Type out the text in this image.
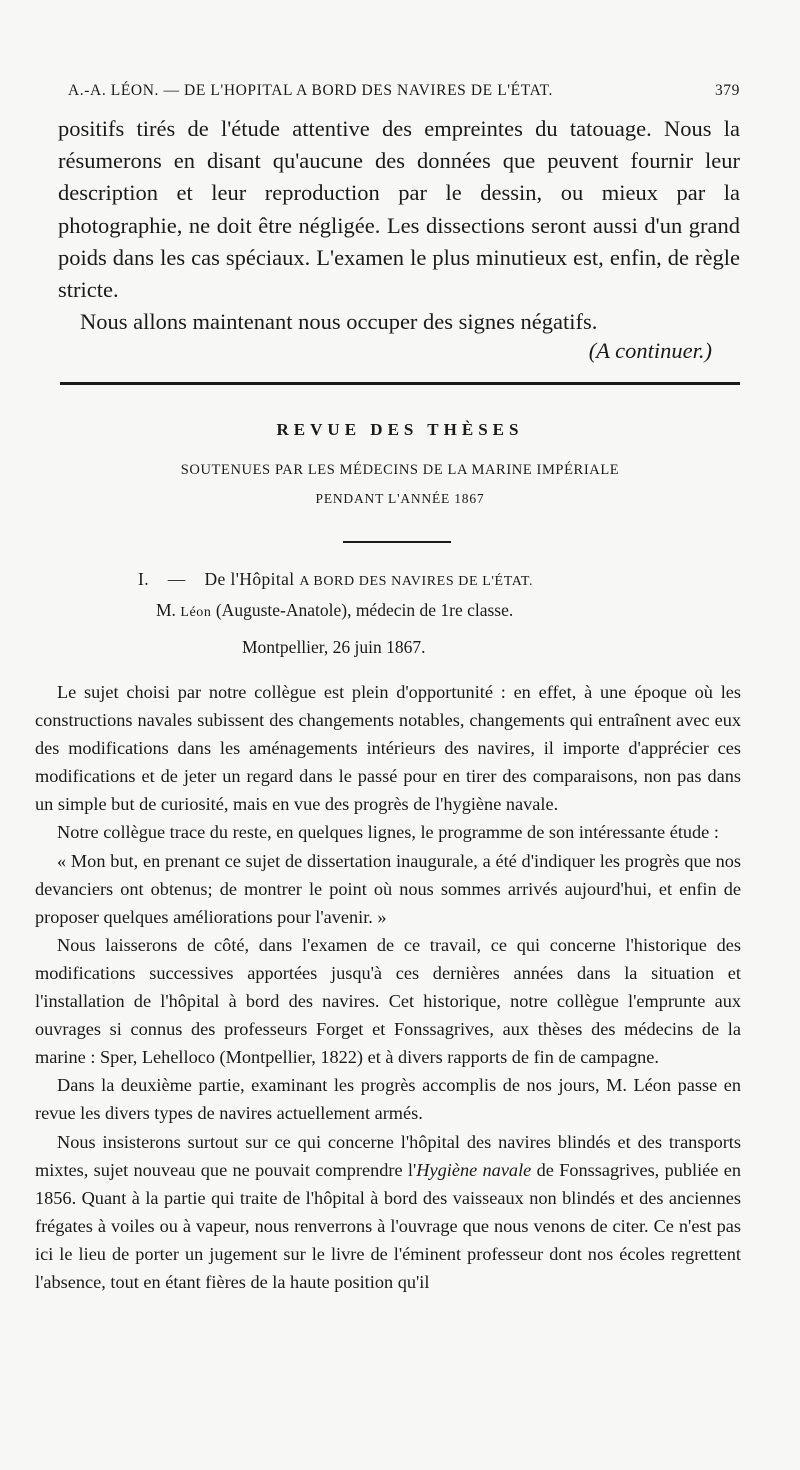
A.-A. LÉON. — DE L'HOPITAL A BORD DES NAVIRES DE L'ÉTAT.	379

positifs tirés de l'étude attentive des empreintes du tatouage. Nous la résumerons en disant qu'aucune des données que peuvent fournir leur description et leur reproduction par le dessin, ou mieux par la photographie, ne doit être négligée. Les dissections seront aussi d'un grand poids dans les cas spéciaux. L'examen le plus minutieux est, enfin, de règle stricte.

Nous allons maintenant nous occuper des signes négatifs.

(A continuer.)
REVUE DES THÈSES
SOUTENUES PAR LES MÉDECINS DE LA MARINE IMPÉRIALE
PENDANT L'ANNÉE 1867
I. — De l'Hôpital A BORD DES NAVIRES DE L'ÉTAT.
M. Léon (Auguste-Anatole), médecin de 1re classe.
Montpellier, 26 juin 1867.

Le sujet choisi par notre collègue est plein d'opportunité : en effet, à une époque où les constructions navales subissent des changements notables, changements qui entraînent avec eux des modifications dans les aménagements intérieurs des navires, il importe d'apprécier ces modifications et de jeter un regard dans le passé pour en tirer des comparaisons, non pas dans un simple but de curiosité, mais en vue des progrès de l'hygiène navale.

Notre collègue trace du reste, en quelques lignes, le programme de son intéressante étude :

« Mon but, en prenant ce sujet de dissertation inaugurale, a été d'indiquer les progrès que nos devanciers ont obtenus; de montrer le point où nous sommes arrivés aujourd'hui, et enfin de proposer quelques améliorations pour l'avenir. »

Nous laisserons de côté, dans l'examen de ce travail, ce qui concerne l'historique des modifications successives apportées jusqu'à ces dernières années dans la situation et l'installation de l'hôpital à bord des navires. Cet historique, notre collègue l'emprunte aux ouvrages si connus des professeurs Forget et Fonssagrives, aux thèses des médecins de la marine : Sper, Lehelloco (Montpellier, 1822) et à divers rapports de fin de campagne.

Dans la deuxième partie, examinant les progrès accomplis de nos jours, M. Léon passe en revue les divers types de navires actuellement armés.

Nous insisterons surtout sur ce qui concerne l'hôpital des navires blindés et des transports mixtes, sujet nouveau que ne pouvait comprendre l'Hygiène navale de Fonssagrives, publiée en 1856. Quant à la partie qui traite de l'hôpital à bord des vaisseaux non blindés et des anciennes frégates à voiles ou à vapeur, nous renverrons à l'ouvrage que nous venons de citer. Ce n'est pas ici le lieu de porter un jugement sur le livre de l'éminent professeur dont nos écoles regrettent l'absence, tout en étant fières de la haute position qu'il
